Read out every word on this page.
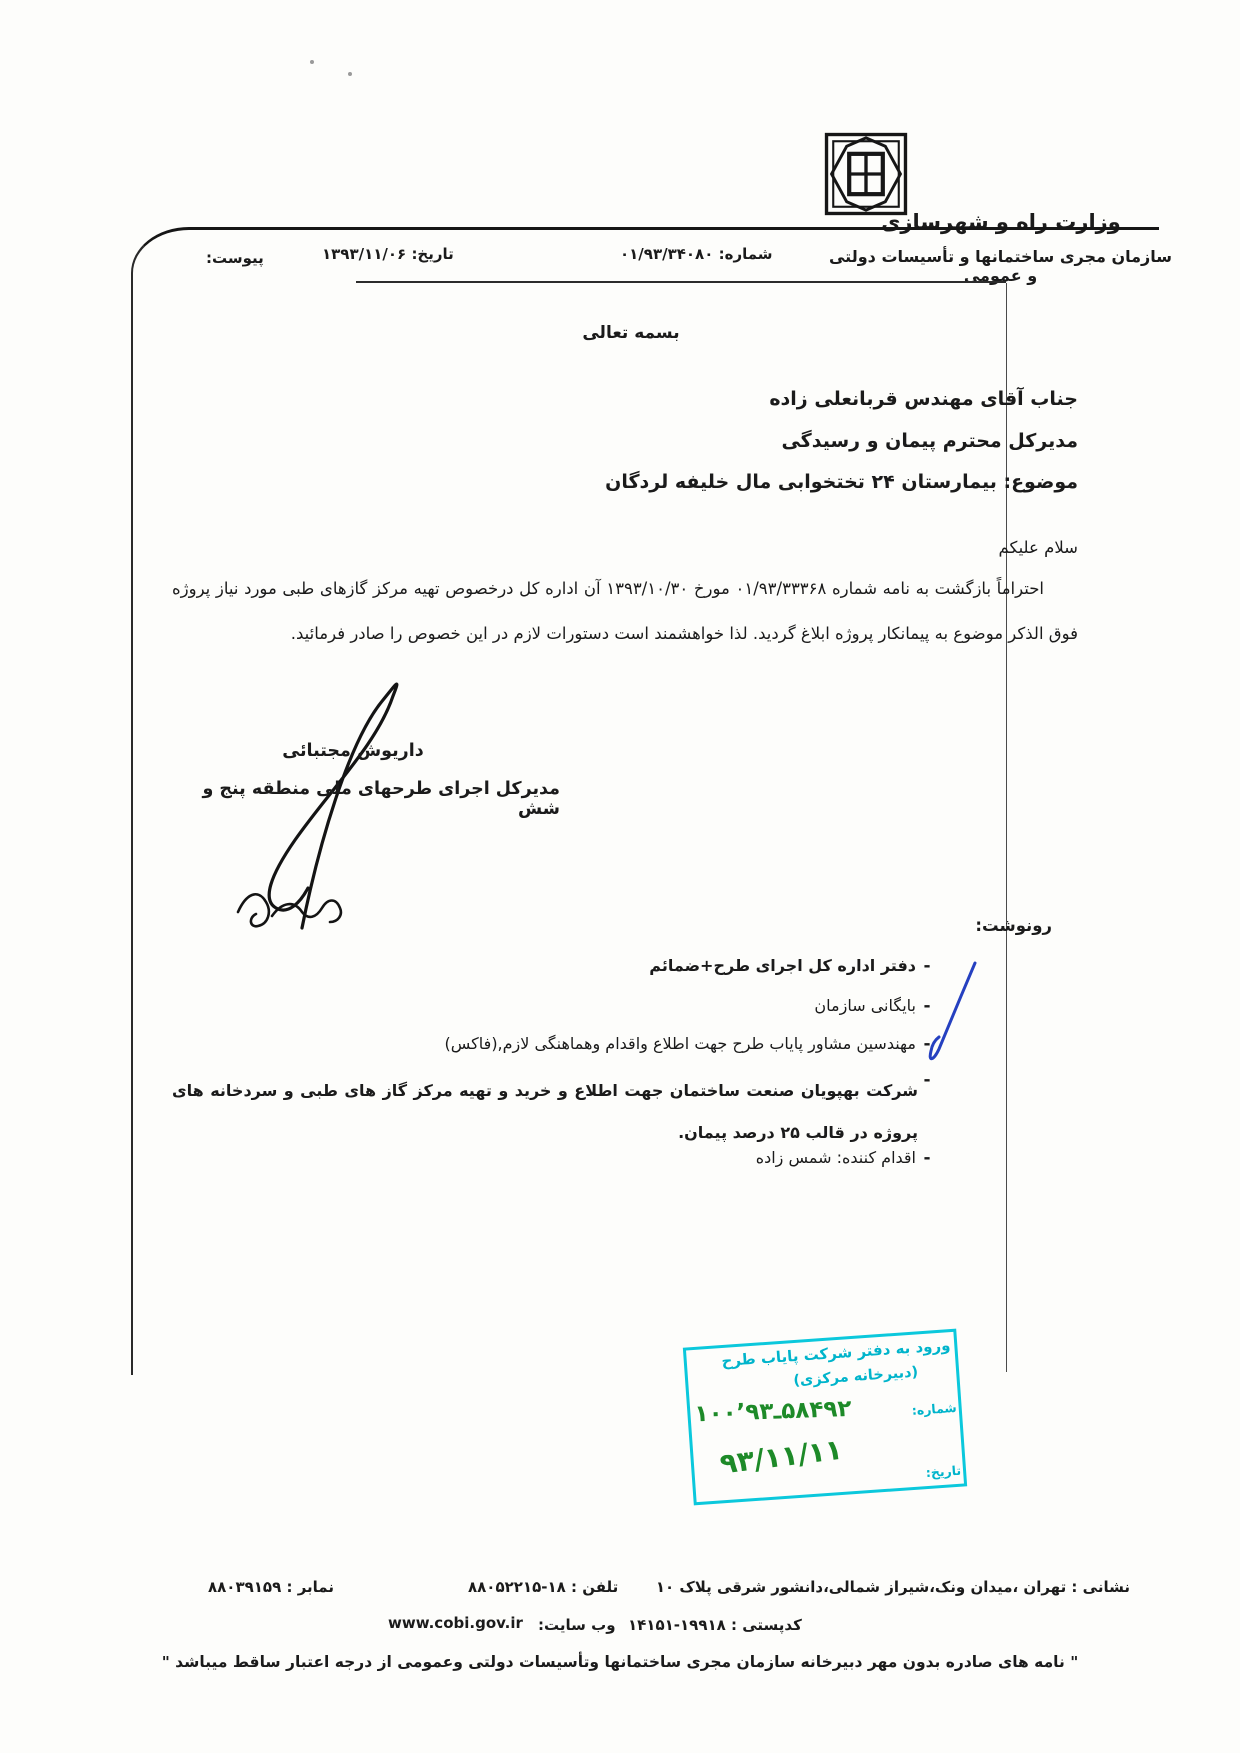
وزارت راه و شهرسازی
سازمان مجری ساختمانها و تأسیسات دولتی و عمومی
شماره: ۰۱/۹۳/۳۴۰۸۰
تاریخ: ۱۳۹۳/۱۱/۰۶
پیوست:
بسمه تعالی
جناب آقای مهندس قربانعلی زاده
مدیرکل محترم پیمان و رسیدگی
موضوع: بیمارستان ۲۴ تختخوابی مال خلیفه لردگان
سلام علیکم
احتراماً بازگشت به نامه شماره ۰۱/۹۳/۳۳۳۶۸ مورخ ۱۳۹۳/۱۰/۳۰ آن اداره کل درخصوص تهیه مرکز گازهای طبی مورد نیاز پروژه فوق الذکر موضوع به پیمانکار پروژه ابلاغ گردید. لذا خواهشمند است دستورات لازم در این خصوص را صادر فرمائید.
داریوش مجتبائی
مدیرکل اجرای طرحهای ملی منطقه پنج و شش
رونوشت:
-
دفتر اداره کل اجرای طرح+ضمائم
-
بایگانی سازمان
-
مهندسین مشاور پایاب طرح جهت اطلاع واقدام وهماهنگی لازم,(فاکس)
-
شرکت بهپویان صنعت ساختمان جهت اطلاع و خرید و تهیه مرکز گاز های طبی و سردخانه های پروژه در قالب ۲۵ درصد پیمان.
-
اقدام کننده: شمس زاده
ورود به دفتر شرکت پایاب طرح
(دبیرخانه مرکزی)
شماره:
تاریخ:
۱۰۰٬۹۳ـ۵۸۴۹۲
۹۳/۱۱/۱۱
نمابر : ۸۸۰۳۹۱۵۹	تلفن : ۸۸۰۵۲۲۱۵-۱۸	نشانی : تهران ،میدان ونک،شیراز شمالی،دانشور شرقی پلاک ۱۰
www.cobi.gov.ir وب سایت:	کدپستی : ۱۴۱۵۱-۱۹۹۱۸
" نامه های صادره بدون مهر دبیرخانه سازمان مجری ساختمانها وتأسیسات دولتی وعمومی از درجه اعتبار ساقط میباشد "
